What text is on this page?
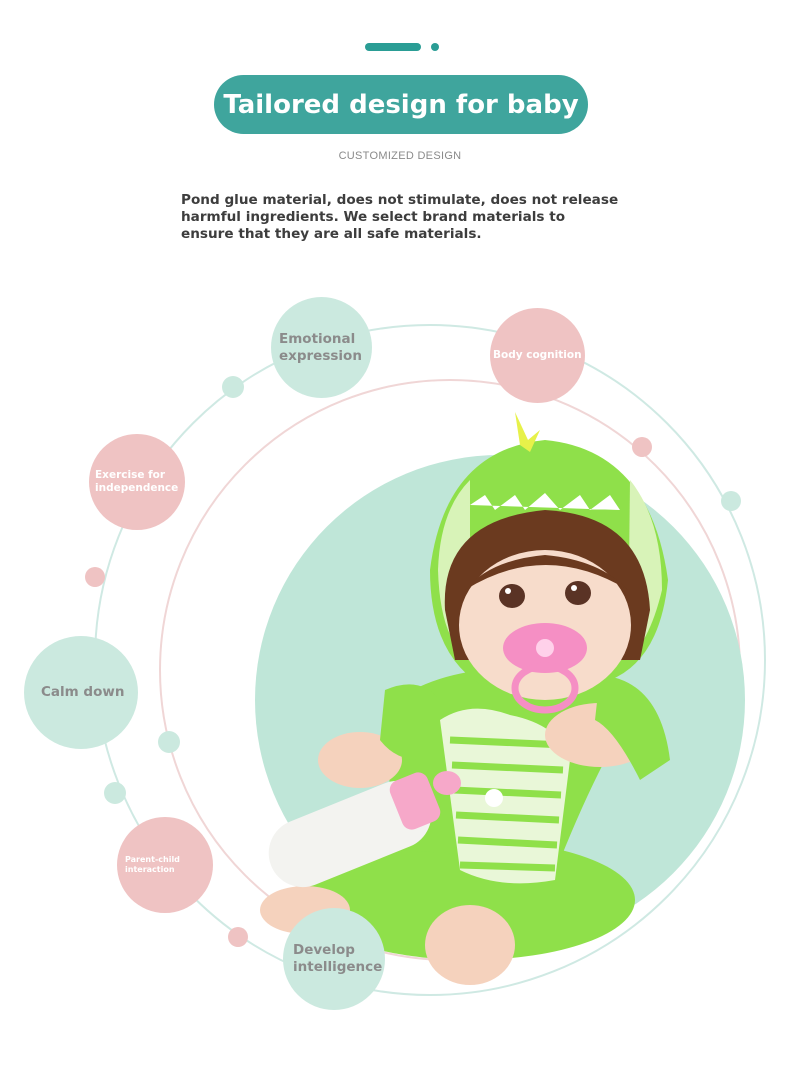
Tailored design for baby
CUSTOMIZED DESIGN
Pond glue material, does not stimulate, does not release harmful ingredients. We select brand materials to ensure that they are all safe materials.
Emotional expression	Body cognition
Exercise for independence
Calm down
Parent-child interaction
Develop intelligence
